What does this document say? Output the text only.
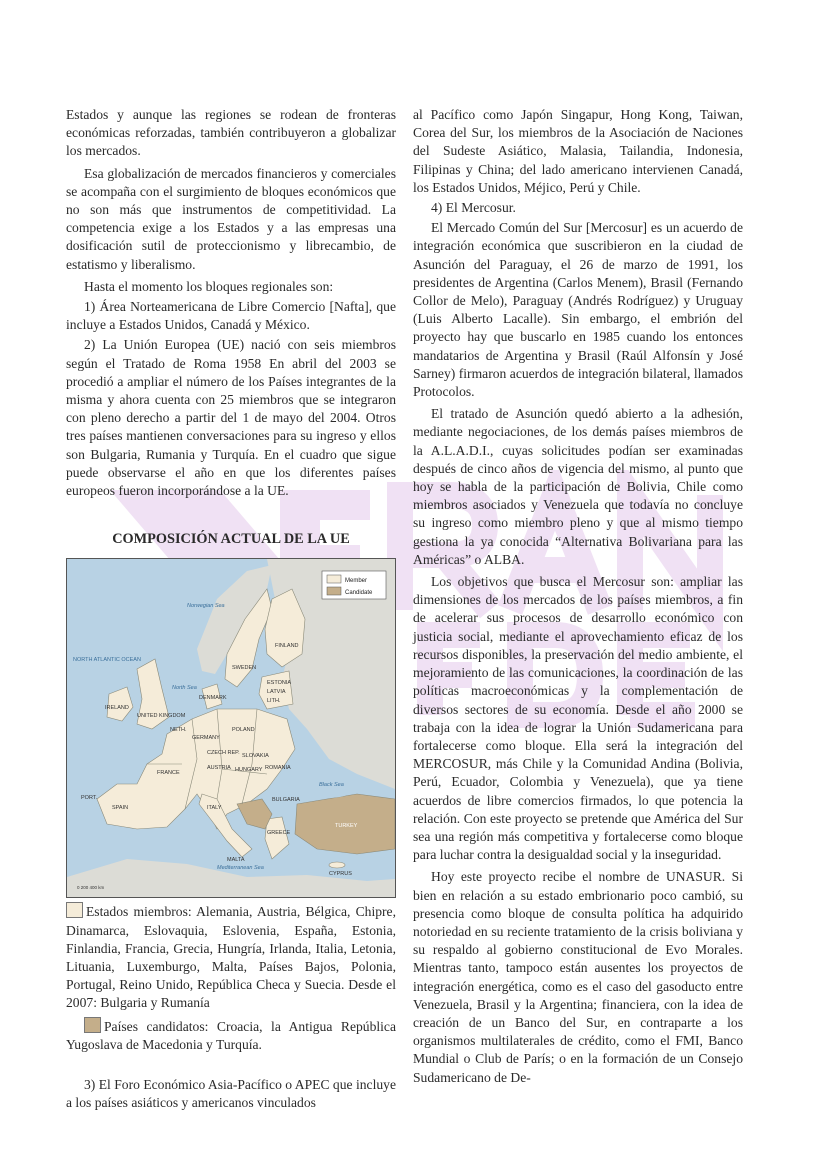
Estados y aunque las regiones se rodean de fronteras económicas reforzadas, también contribuyeron a globalizar los mercados.

Esa globalización de mercados financieros y comerciales se acompaña con el surgimiento de bloques económicos que no son más que instrumentos de competitividad. La competencia exige a los Estados y a las empresas una dosificación sutil de proteccionismo y librecambio, de estatismo y liberalismo.

Hasta el momento los bloques regionales son:

1) Área Norteamericana de Libre Comercio [Nafta], que incluye a Estados Unidos, Canadá y México.

2) La Unión Europea (UE) nació con seis miembros según el Tratado de Roma 1958 En abril del 2003 se procedió a ampliar el número de los Países integrantes de la misma y ahora cuenta con 25 miembros que se integraron con pleno derecho a partir del 1 de mayo del 2004. Otros tres países mantienen conversaciones para su ingreso y ellos son Bulgaria, Rumania y Turquía. En el cuadro que sigue puede observarse el año en que los diferentes países europeos fueron incorporándose a la UE.

COMPOSICIÓN ACTUAL DE LA UE

Member
Candidate
Norwegian Sea
NORTH ATLANTIC OCEAN
North Sea
FINLAND
SWEDEN
ESTONIA
LATVIA
LITH.
DENMARK
IRELAND
UNITED KINGDOM
NETH.
GERMANY
POLAND
CZECH REP. SLOVAKIA
AUSTRIA HUNGARY ROMANIA
BULGARIA
FRANCE
ITALY
SPAIN
PORT.
GREECE
Black Sea
TURKEY
CYPRUS
MALTA
Mediterranean Sea
0 200 400 km

Estados miembros: Alemania, Austria, Bélgica, Chipre, Dinamarca, Eslovaquia, Eslovenia, España, Estonia, Finlandia, Francia, Grecia, Hungría, Irlanda, Italia, Letonia, Lituania, Luxemburgo, Malta, Países Bajos, Polonia, Portugal, Reino Unido, República Checa y Suecia. Desde el 2007: Bulgaria y Rumanía

Países candidatos: Croacia, la Antigua República Yugoslava de Macedonia y Turquía.

3) El Foro Económico Asia-Pacífico o APEC que incluye a los países asiáticos y americanos vinculados

al Pacífico como Japón Singapur, Hong Kong, Taiwan, Corea del Sur, los miembros de la Asociación de Naciones del Sudeste Asiático, Malasia, Tailandia, Indonesia, Filipinas y China; del lado americano intervienen Canadá, los Estados Unidos, Méjico, Perú y Chile.

4) El Mercosur.

El Mercado Común del Sur [Mercosur] es un acuerdo de integración económica que suscribieron en la ciudad de Asunción del Paraguay, el 26 de marzo de 1991, los presidentes de Argentina (Carlos Menem), Brasil (Fernando Collor de Melo), Paraguay (Andrés Rodríguez) y Uruguay (Luis Alberto Lacalle). Sin embargo, el embrión del proyecto hay que buscarlo en 1985 cuando los entonces mandatarios de Argentina y Brasil (Raúl Alfonsín y José Sarney) firmaron acuerdos de integración bilateral, llamados Protocolos.

El tratado de Asunción quedó abierto a la adhesión, mediante negociaciones, de los demás países miembros de la A.L.A.D.I., cuyas solicitudes podían ser examinadas después de cinco años de vigencia del mismo, al punto que hoy se habla de la participación de Bolivia, Chile como miembros asociados y Venezuela que todavía no concluye su ingreso como miembro pleno y que al mismo tiempo gestiona la ya conocida “Alternativa Bolivariana para las Américas” o ALBA.

Los objetivos que busca el Mercosur son: ampliar las dimensiones de los mercados de los países miembros, a fin de acelerar sus procesos de desarrollo económico con justicia social, mediante el aprovechamiento eficaz de los recursos disponibles, la preservación del medio ambiente, el mejoramiento de las comunicaciones, la coordinación de las políticas macroeconómicas y la complementación de diversos sectores de su economía. Desde el año 2000 se trabaja con la idea de lograr la Unión Sudamericana para fortalecerse como bloque. Ella será la integración del MERCOSUR, más Chile y la Comunidad Andina (Bolivia, Perú, Ecuador, Colombia y Venezuela), que ya tiene acuerdos de libre comercios firmados, lo que potencia la relación. Con este proyecto se pretende que América del Sur sea una región más competitiva y fortalecerse como bloque para luchar contra la desigualdad social y la inseguridad.

Hoy este proyecto recibe el nombre de UNASUR. Si bien en relación a su estado embrionario poco cambió, su presencia como bloque de consulta política ha adquirido notoriedad en su reciente tratamiento de la crisis boliviana y su respaldo al gobierno constitucional de Evo Morales. Mientras tanto, tampoco están ausentes los proyectos de integración energética, como es el caso del gasoducto entre Venezuela, Brasil y la Argentina; financiera, con la idea de creación de un Banco del Sur, en contraparte a los organismos multilaterales de crédito, como el FMI, Banco Mundial o Club de París; o en la formación de un Consejo Sudamericano de De-
